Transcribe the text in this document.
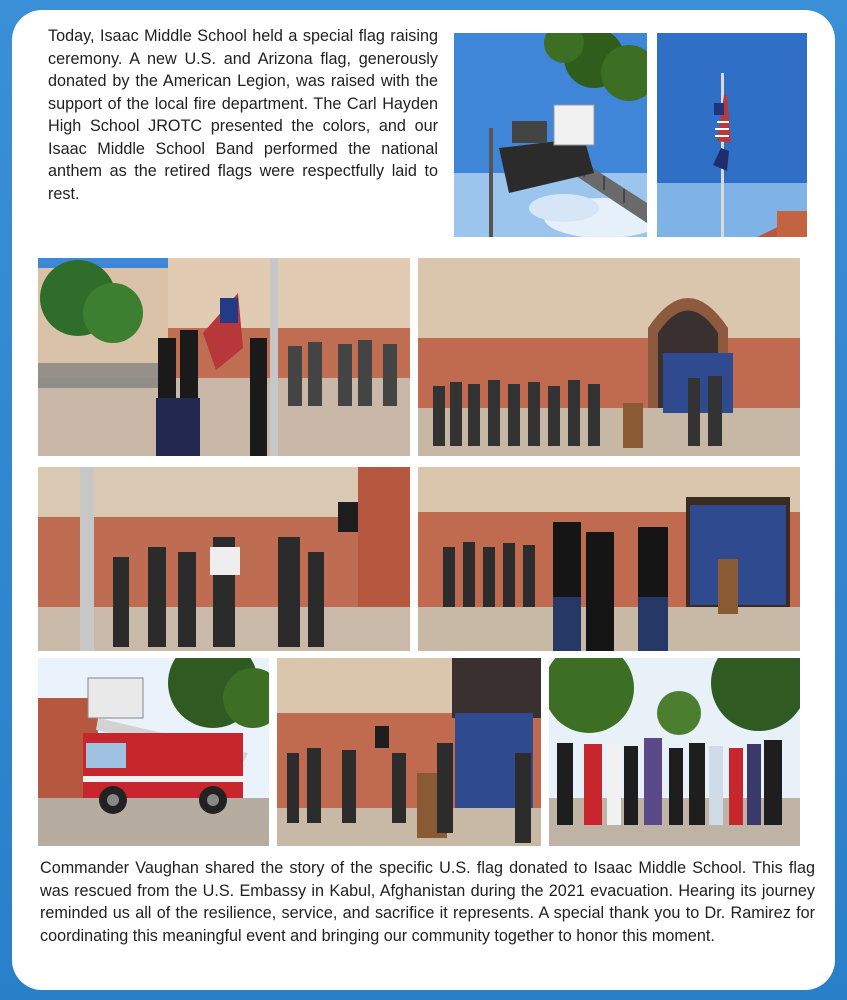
Today, Isaac Middle School held a special flag raising ceremony. A new U.S. and Arizona flag, generously donated by the American Legion, was raised with the support of the local fire department. The Carl Hayden High School JROTC presented the colors, and our Isaac Middle School Band performed the national anthem as the retired flags were respectfully laid to rest.

Commander Vaughan shared the story of the specific U.S. flag donated to Isaac Middle School. This flag was rescued from the U.S. Embassy in Kabul, Afghanistan during the 2021 evacuation. Hearing its journey reminded us all of the resilience, service, and sacrifice it represents. A special thank you to Dr. Ramirez for coordinating this meaningful event and bringing our community together to honor this moment.
